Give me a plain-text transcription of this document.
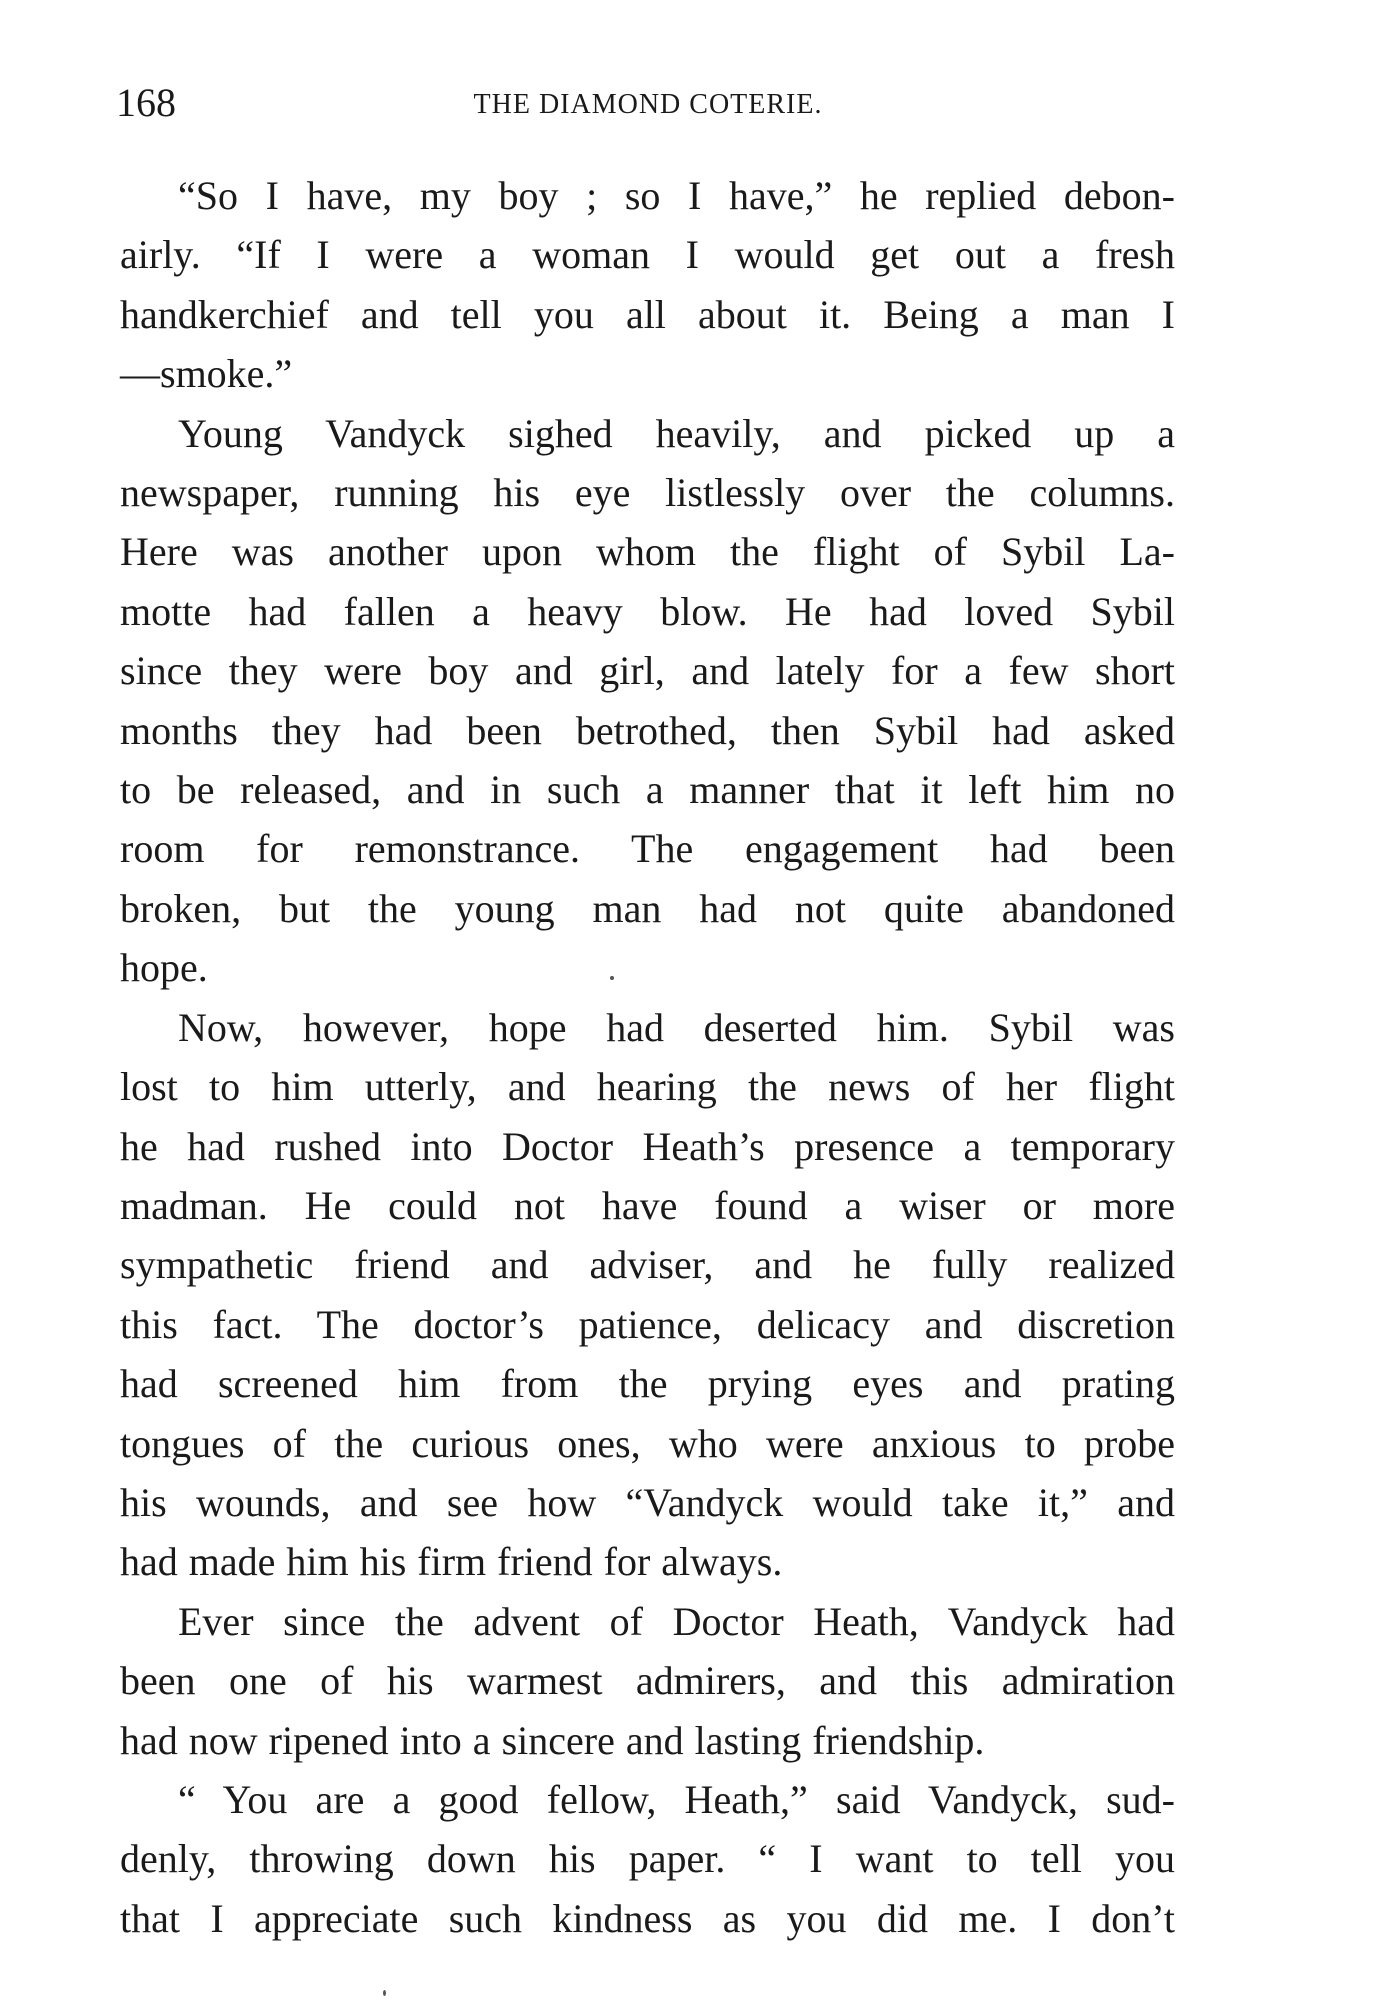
168	THE DIAMOND COTERIE.
“So I have, my boy ; so I have,” he replied debon-
airly. “If I were a woman I would get out a fresh
handkerchief and tell you all about it. Being a man I
—smoke.”
Young Vandyck sighed heavily, and picked up a
newspaper, running his eye listlessly over the columns.
Here was another upon whom the flight of Sybil La-
motte had fallen a heavy blow. He had loved Sybil
since they were boy and girl, and lately for a few short
months they had been betrothed, then Sybil had asked
to be released, and in such a manner that it left him no
room for remonstrance. The engagement had been
broken, but the young man had not quite abandoned
hope.
Now, however, hope had deserted him. Sybil was
lost to him utterly, and hearing the news of her flight
he had rushed into Doctor Heath’s presence a temporary
madman. He could not have found a wiser or more
sympathetic friend and adviser, and he fully realized
this fact. The doctor’s patience, delicacy and discretion
had screened him from the prying eyes and prating
tongues of the curious ones, who were anxious to probe
his wounds, and see how “Vandyck would take it,” and
had made him his firm friend for always.
Ever since the advent of Doctor Heath, Vandyck had
been one of his warmest admirers, and this admiration
had now ripened into a sincere and lasting friendship.
“ You are a good fellow, Heath,” said Vandyck, sud-
denly, throwing down his paper. “ I want to tell you
that I appreciate such kindness as you did me. I don’t
